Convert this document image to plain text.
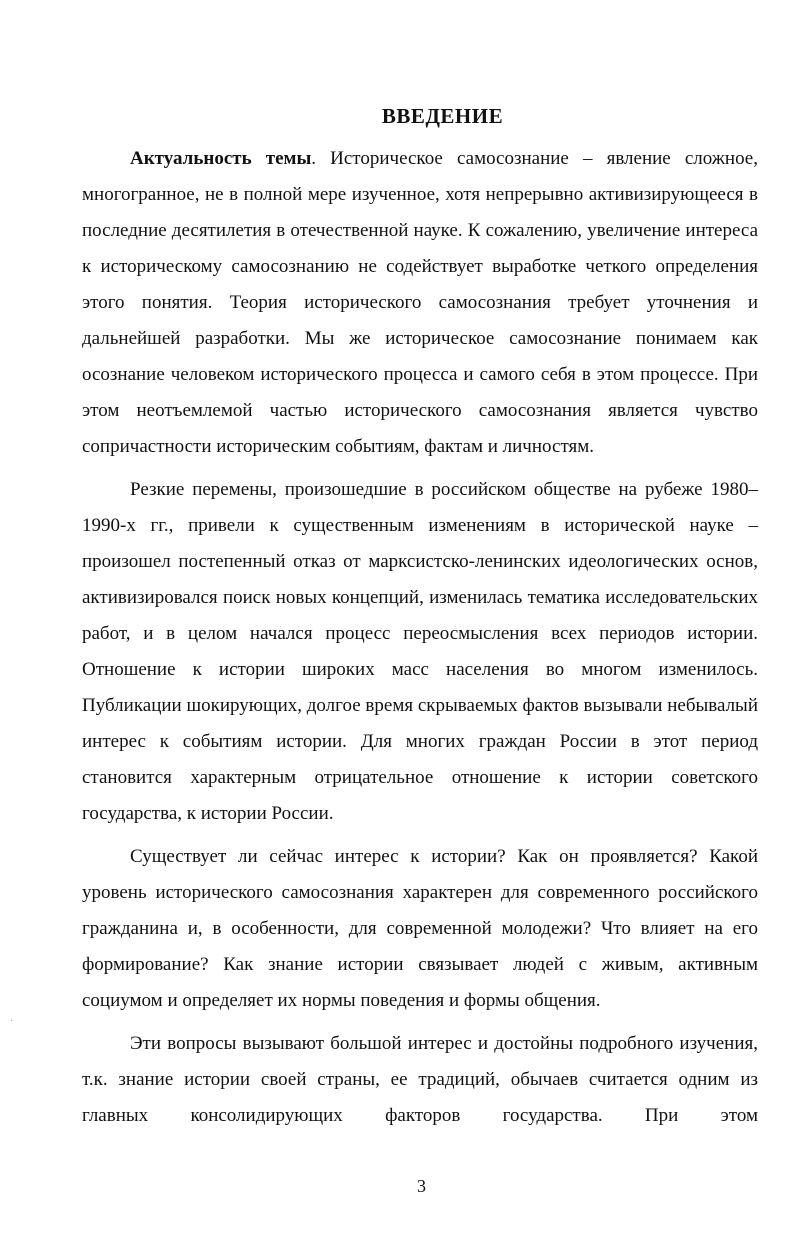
ВВЕДЕНИЕ

Актуальность темы. Историческое самосознание – явление сложное, многогранное, не в полной мере изученное, хотя непрерывно активизирующееся в последние десятилетия в отечественной науке. К сожалению, увеличение интереса к историческому самосознанию не содействует выработке четкого определения этого понятия. Теория исторического самосознания требует уточнения и дальнейшей разработки. Мы же историческое самосознание понимаем как осознание человеком исторического процесса и самого себя в этом процессе. При этом неотъемлемой частью исторического самосознания является чувство сопричастности историческим событиям, фактам и личностям.

Резкие перемены, произошедшие в российском обществе на рубеже 1980–1990-х гг., привели к существенным изменениям в исторической науке – произошел постепенный отказ от марксистско-ленинских идеологических основ, активизировался поиск новых концепций, изменилась тематика исследовательских работ, и в целом начался процесс переосмысления всех периодов истории. Отношение к истории широких масс населения во многом изменилось. Публикации шокирующих, долгое время скрываемых фактов вызывали небывалый интерес к событиям истории. Для многих граждан России в этот период становится характерным отрицательное отношение к истории советского государства, к истории России.

Существует ли сейчас интерес к истории? Как он проявляется? Какой уровень исторического самосознания характерен для современного российского гражданина и, в особенности, для современной молодежи? Что влияет на его формирование? Как знание истории связывает людей с живым, активным социумом и определяет их нормы поведения и формы общения.

Эти вопросы вызывают большой интерес и достойны подробного изучения, т.к. знание истории своей страны, ее традиций, обычаев считается одним из главных консолидирующих факторов государства. При этом

3
·
